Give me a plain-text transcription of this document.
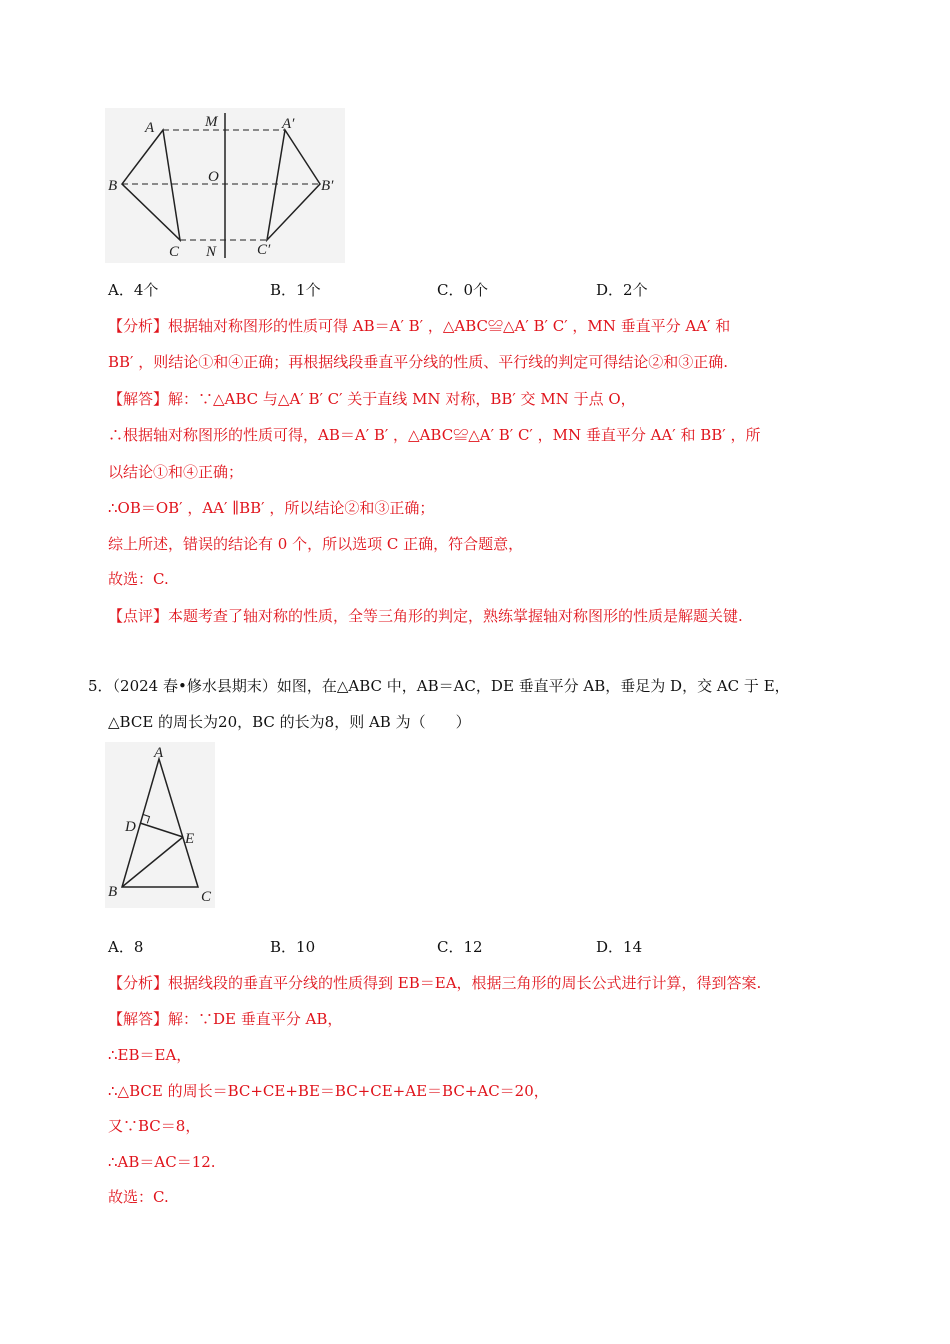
A	M	A′
B
O
B′
C N	C′
A．4个	B．1个	C．0个	D．2个
【分析】根据轴对称图形的性质可得 AB＝A′ B′ ，△ABC≌△A′ B′ C′ ，MN 垂直平分 AA′ 和
BB′ ，则结论①和④正确；再根据线段垂直平分线的性质、平行线的判定可得结论②和③正确.
【解答】解：∵△ABC 与△A′ B′ C′ 关于直线 MN 对称，BB′ 交 MN 于点 O，
∴根据轴对称图形的性质可得，AB＝A′ B′ ，△ABC≌△A′ B′ C′ ，MN 垂直平分 AA′ 和 BB′ ，所
以结论①和④正确；
∴OB＝OB′ ，AA′ ∥BB′ ，所以结论②和③正确；
综上所述，错误的结论有 0 个，所以选项 C 正确，符合题意，
故选：C.
【点评】本题考查了轴对称的性质，全等三角形的判定，熟练掌握轴对称图形的性质是解题关键.
5．（2024 春•修水县期末）如图，在△ABC 中，AB＝AC，DE 垂直平分 AB，垂足为 D，交 AC 于 E，
△BCE 的周长为20，BC 的长为8，则 AB 为（　　）
A
D
E
B	C
A．8	B．10	C．12	D．14
【分析】根据线段的垂直平分线的性质得到 EB＝EA，根据三角形的周长公式进行计算，得到答案.
【解答】解：∵DE 垂直平分 AB，
∴EB＝EA，
∴△BCE 的周长＝BC+CE+BE＝BC+CE+AE＝BC+AC＝20，
又∵BC＝8，
∴AB＝AC＝12.
故选：C.
